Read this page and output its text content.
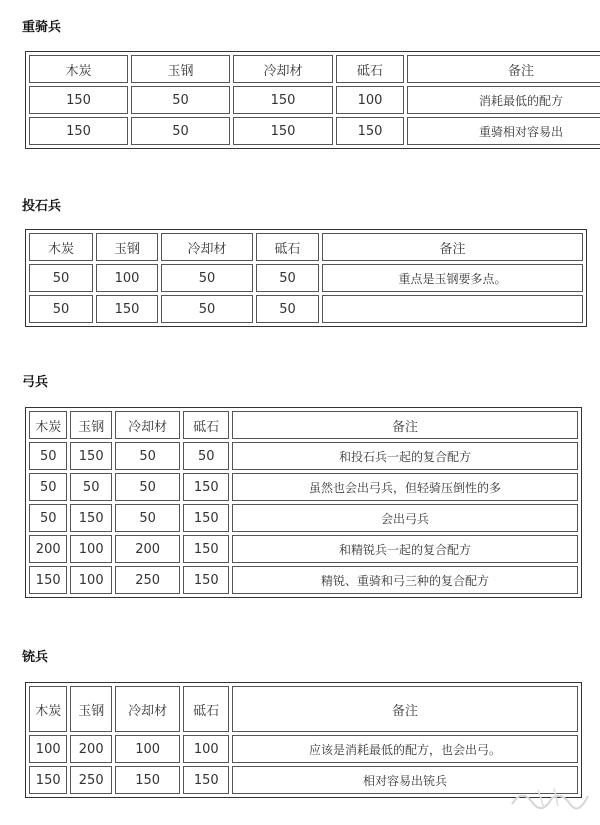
重骑兵
木炭	玉钢	冷却材	砥石	备注
150	50	150	100	消耗最低的配方
150	50	150	150	重骑相对容易出
投石兵
木炭	玉钢	冷却材	砥石	备注
50	100	50	50	重点是玉钢要多点。
50	150	50	50	
弓兵
木炭	玉钢	冷却材	砥石	备注
50	150	50	50	和投石兵一起的复合配方
50	50	50	150	虽然也会出弓兵，但轻骑压倒性的多
50	150	50	150	会出弓兵
200	100	200	150	和精锐兵一起的复合配方
150	100	250	150	精锐、重骑和弓三种的复合配方
铳兵
木炭	玉钢	冷却材	砥石	备注
100	200	100	100	应该是消耗最低的配方，也会出弓。
150	250	150	150	相对容易出铳兵
